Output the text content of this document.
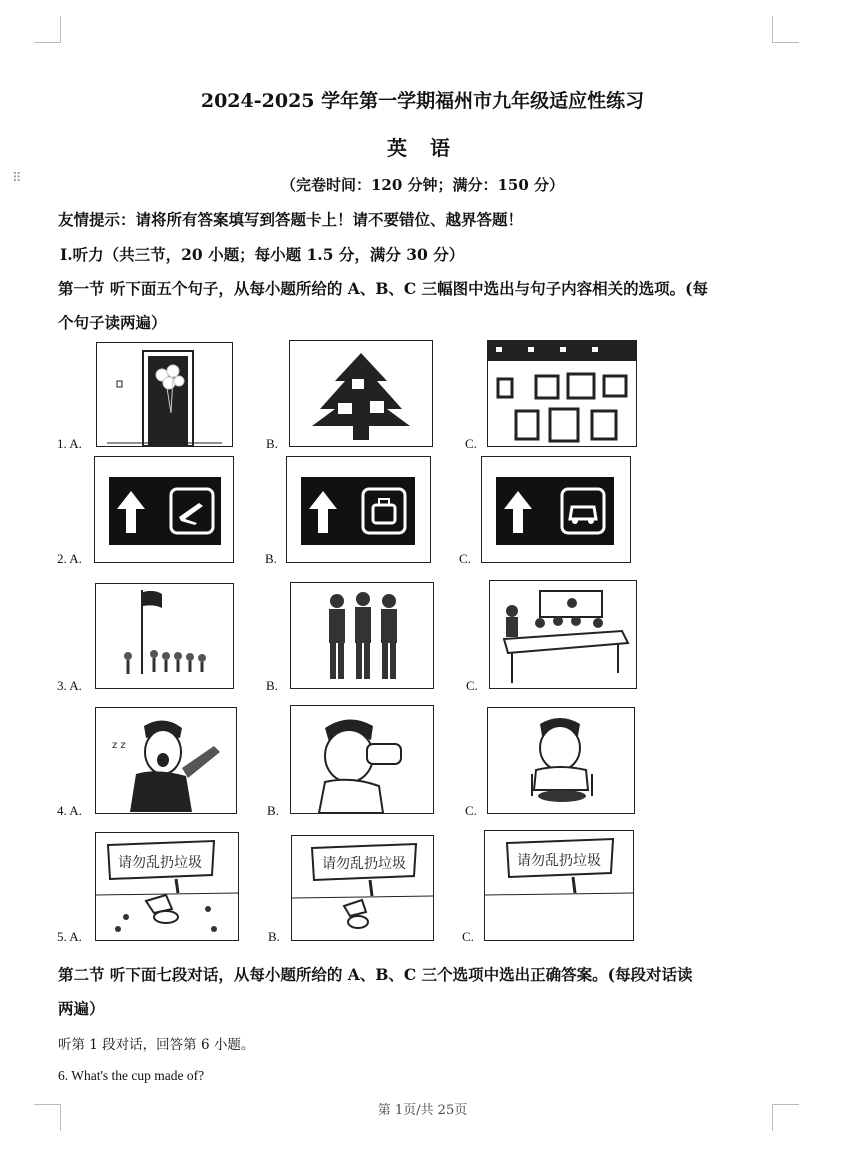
⠿
2024-2025 学年第一学期福州市九年级适应性练习
英 语
（完卷时间：120 分钟；满分：150 分）
友情提示：请将所有答案填写到答题卡上！请不要错位、越界答题！
Ⅰ.听力（共三节，20 小题；每小题 1.5 分，满分 30 分）
第一节 听下面五个句子，从每小题所给的 A、B、C 三幅图中选出与句子内容相关的选项。(每
个句子读两遍）
1. A.	B.	C.
2. A.	B.	C.
3. A.	B.	C.
4. A.	B.	C.
z z
5. A.	B.	C.
请勿乱扔垃圾	请勿乱扔垃圾	请勿乱扔垃圾
第二节 听下面七段对话，从每小题所给的 A、B、C 三个选项中选出正确答案。(每段对话读
两遍）
听第 1 段对话，回答第 6 小题。
6. What's the cup made of?
第 1页/共 25页
